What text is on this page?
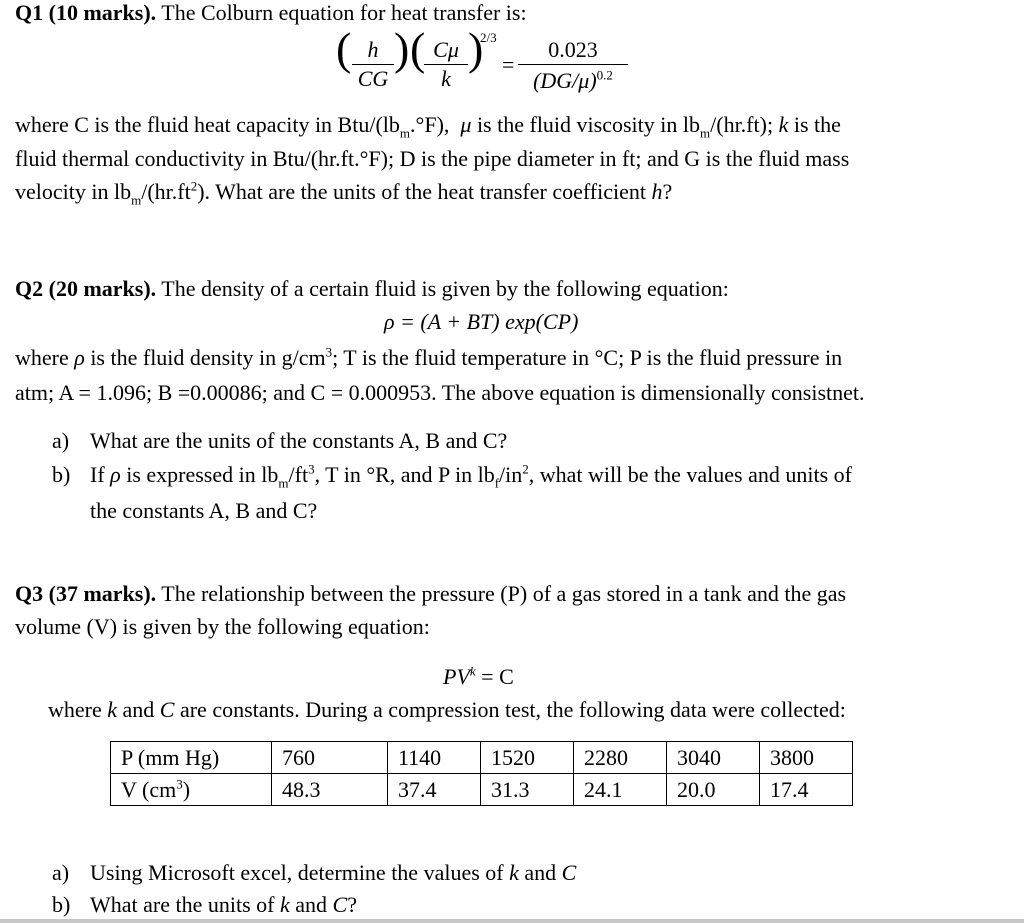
Q1 (10 marks). The Colburn equation for heat transfer is:
( h
CG
) ( Cμ
k
)
2/3
=
0.023
$(DG/\mu)^{0.2}$
where C is the fluid heat capacity in Btu/$(lb_m.^\circ F)$, μ is the fluid viscosity in $lb_m/(hr.ft)$; k is the
fluid thermal conductivity in Btu/(hr.ft.°F); D is the pipe diameter in ft; and G is the fluid mass
velocity in $lb_m/(hr.ft^2)$. What are the units of the heat transfer coefficient h?
Q2 (20 marks). The density of a certain fluid is given by the following equation:
ρ = (A + BT) exp(CP)
where ρ is the fluid density in $g/cm^3$; T is the fluid temperature in °C; P is the fluid pressure in
atm; A = 1.096; B =0.00086; and C = 0.000953. The above equation is dimensionally consistnet.
a) What are the units of the constants A, B and C?
b) If ρ is expressed in $lb_m/ft^3$, T in °R, and P in $lb_f/in^2$, what will be the values and units of
the constants A, B and C?
Q3 (37 marks). The relationship between the pressure (P) of a gas stored in a tank and the gas
volume (V) is given by the following equation:
$PV^k = C$
where k and C are constants. During a compression test, the following data were collected:
P (mm Hg)	760	1140	1520	2280	3040	3800
V $(cm^3)$	48.3	37.4	31.3	24.1	20.0	17.4
a) Using Microsoft excel, determine the values of k and C
b) What are the units of k and C?
